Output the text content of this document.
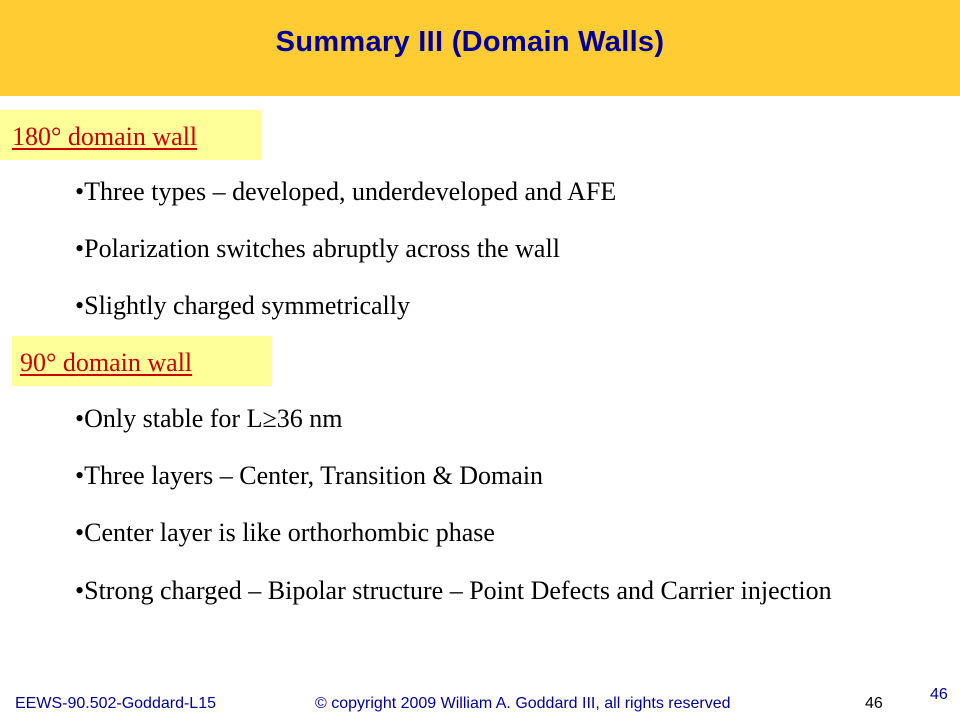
Summary III (Domain Walls)
180° domain wall
•Three types – developed, underdeveloped and AFE
•Polarization switches abruptly across the wall
•Slightly charged symmetrically
90° domain wall
•Only stable for L≥36 nm
•Three layers – Center, Transition & Domain
•Center layer is like orthorhombic phase
•Strong charged – Bipolar structure – Point Defects and Carrier injection
EEWS-90.502-Goddard-L15	© copyright 2009 William A. Goddard III, all rights reserved	46
46
